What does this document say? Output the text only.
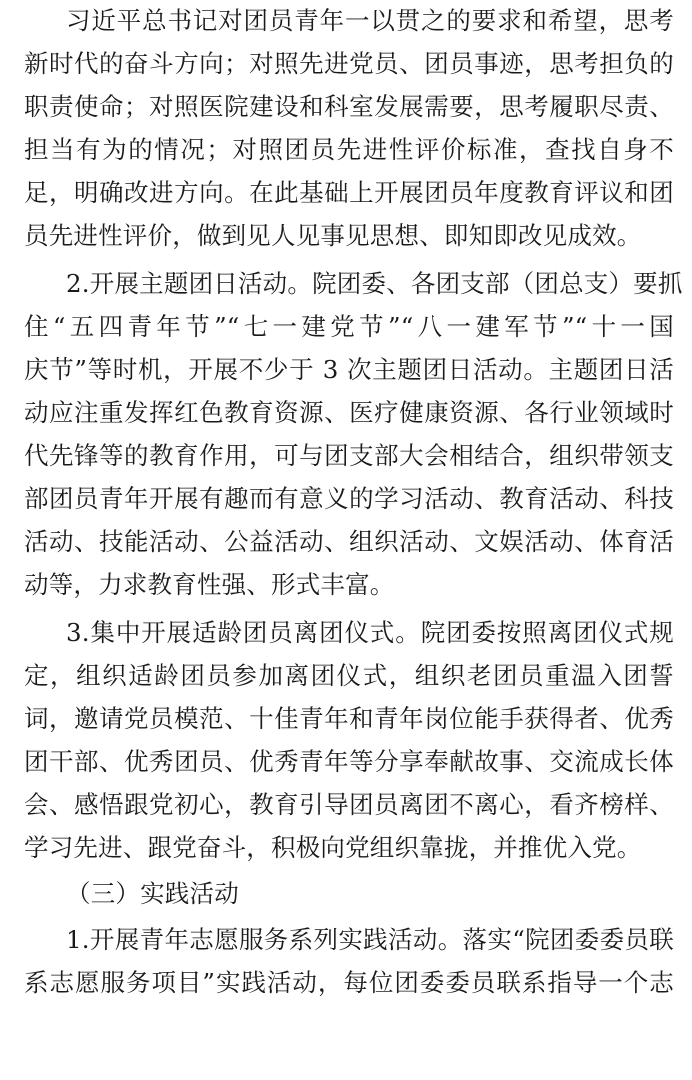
习近平总书记对团员青年一以贯之的要求和希望，思考

新时代的奋斗方向；对照先进党员、团员事迹，思考担负的

职责使命；对照医院建设和科室发展需要，思考履职尽责、

担当有为的情况；对照团员先进性评价标准，查找自身不

足，明确改进方向。在此基础上开展团员年度教育评议和团

员先进性评价，做到见人见事见思想、即知即改见成效。

2.开展主题团日活动。院团委、各团支部（团总支）要抓

住“五四青年节”“七一建党节”“八一建军节”“十一国

庆节”等时机，开展不少于 3 次主题团日活动。主题团日活

动应注重发挥红色教育资源、医疗健康资源、各行业领域时

代先锋等的教育作用，可与团支部大会相结合，组织带领支

部团员青年开展有趣而有意义的学习活动、教育活动、科技

活动、技能活动、公益活动、组织活动、文娱活动、体育活

动等，力求教育性强、形式丰富。

3.集中开展适龄团员离团仪式。院团委按照离团仪式规

定，组织适龄团员参加离团仪式，组织老团员重温入团誓

词，邀请党员模范、十佳青年和青年岗位能手获得者、优秀

团干部、优秀团员、优秀青年等分享奉献故事、交流成长体

会、感悟跟党初心，教育引导团员离团不离心，看齐榜样、

学习先进、跟党奋斗，积极向党组织靠拢，并推优入党。

（三）实践活动

1.开展青年志愿服务系列实践活动。落实“院团委委员联

系志愿服务项目”实践活动，每位团委委员联系指导一个志
